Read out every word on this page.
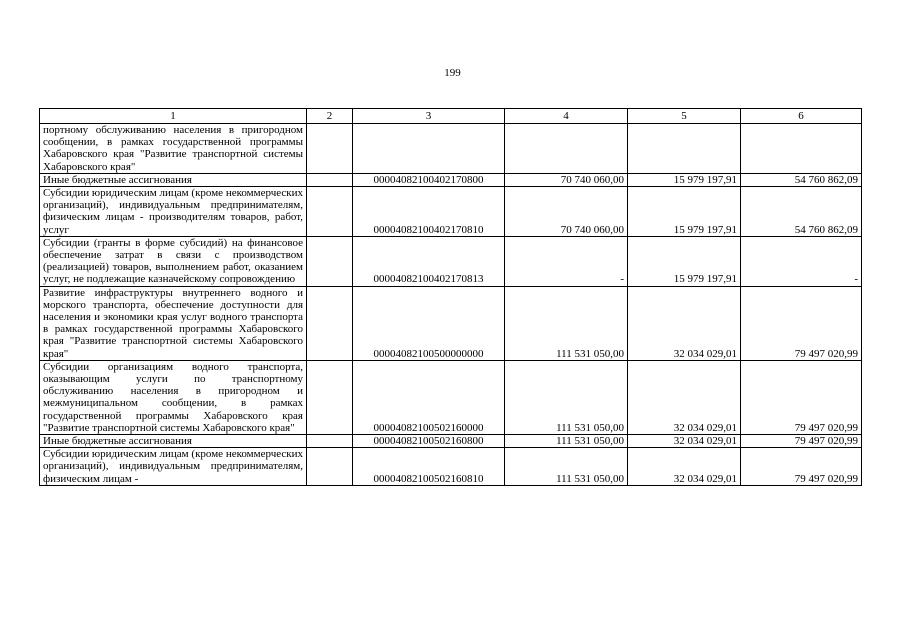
199
1	2	3	4	5	6
портному обслуживанию населения в пригородном сообщении, в рамках государственной программы Хабаровского края "Развитие транспортной системы Хабаровского края"					
Иные бюджетные ассигнования		00004082100402170800	70 740 060,00	15 979 197,91	54 760 862,09
Субсидии юридическим лицам (кроме некоммерческих организаций), индивидуальным предпринимателям, физическим лицам - производителям товаров, работ, услуг		00004082100402170810	70 740 060,00	15 979 197,91	54 760 862,09
Субсидии (гранты в форме субсидий) на финансовое обеспечение затрат в связи с производством (реализацией) товаров, выполнением работ, оказанием услуг, не подлежащие казначейскому сопровождению		00004082100402170813	-	15 979 197,91	-
Развитие инфраструктуры внутреннего водного и морского транспорта, обеспечение доступности для населения и экономики края услуг водного транспорта в рамках государственной программы Хабаровского края "Развитие транспортной системы Хабаровского края"		00004082100500000000	111 531 050,00	32 034 029,01	79 497 020,99
Субсидии организациям водного транспорта, оказывающим услуги по транспортному обслуживанию населения в пригородном и межмуниципальном сообщении, в рамках государственной программы Хабаровского края "Развитие транспортной системы Хабаровского края"		00004082100502160000	111 531 050,00	32 034 029,01	79 497 020,99
Иные бюджетные ассигнования		00004082100502160800	111 531 050,00	32 034 029,01	79 497 020,99
Субсидии юридическим лицам (кроме некоммерческих организаций), индивидуальным предпринимателям, физическим лицам -		00004082100502160810	111 531 050,00	32 034 029,01	79 497 020,99
